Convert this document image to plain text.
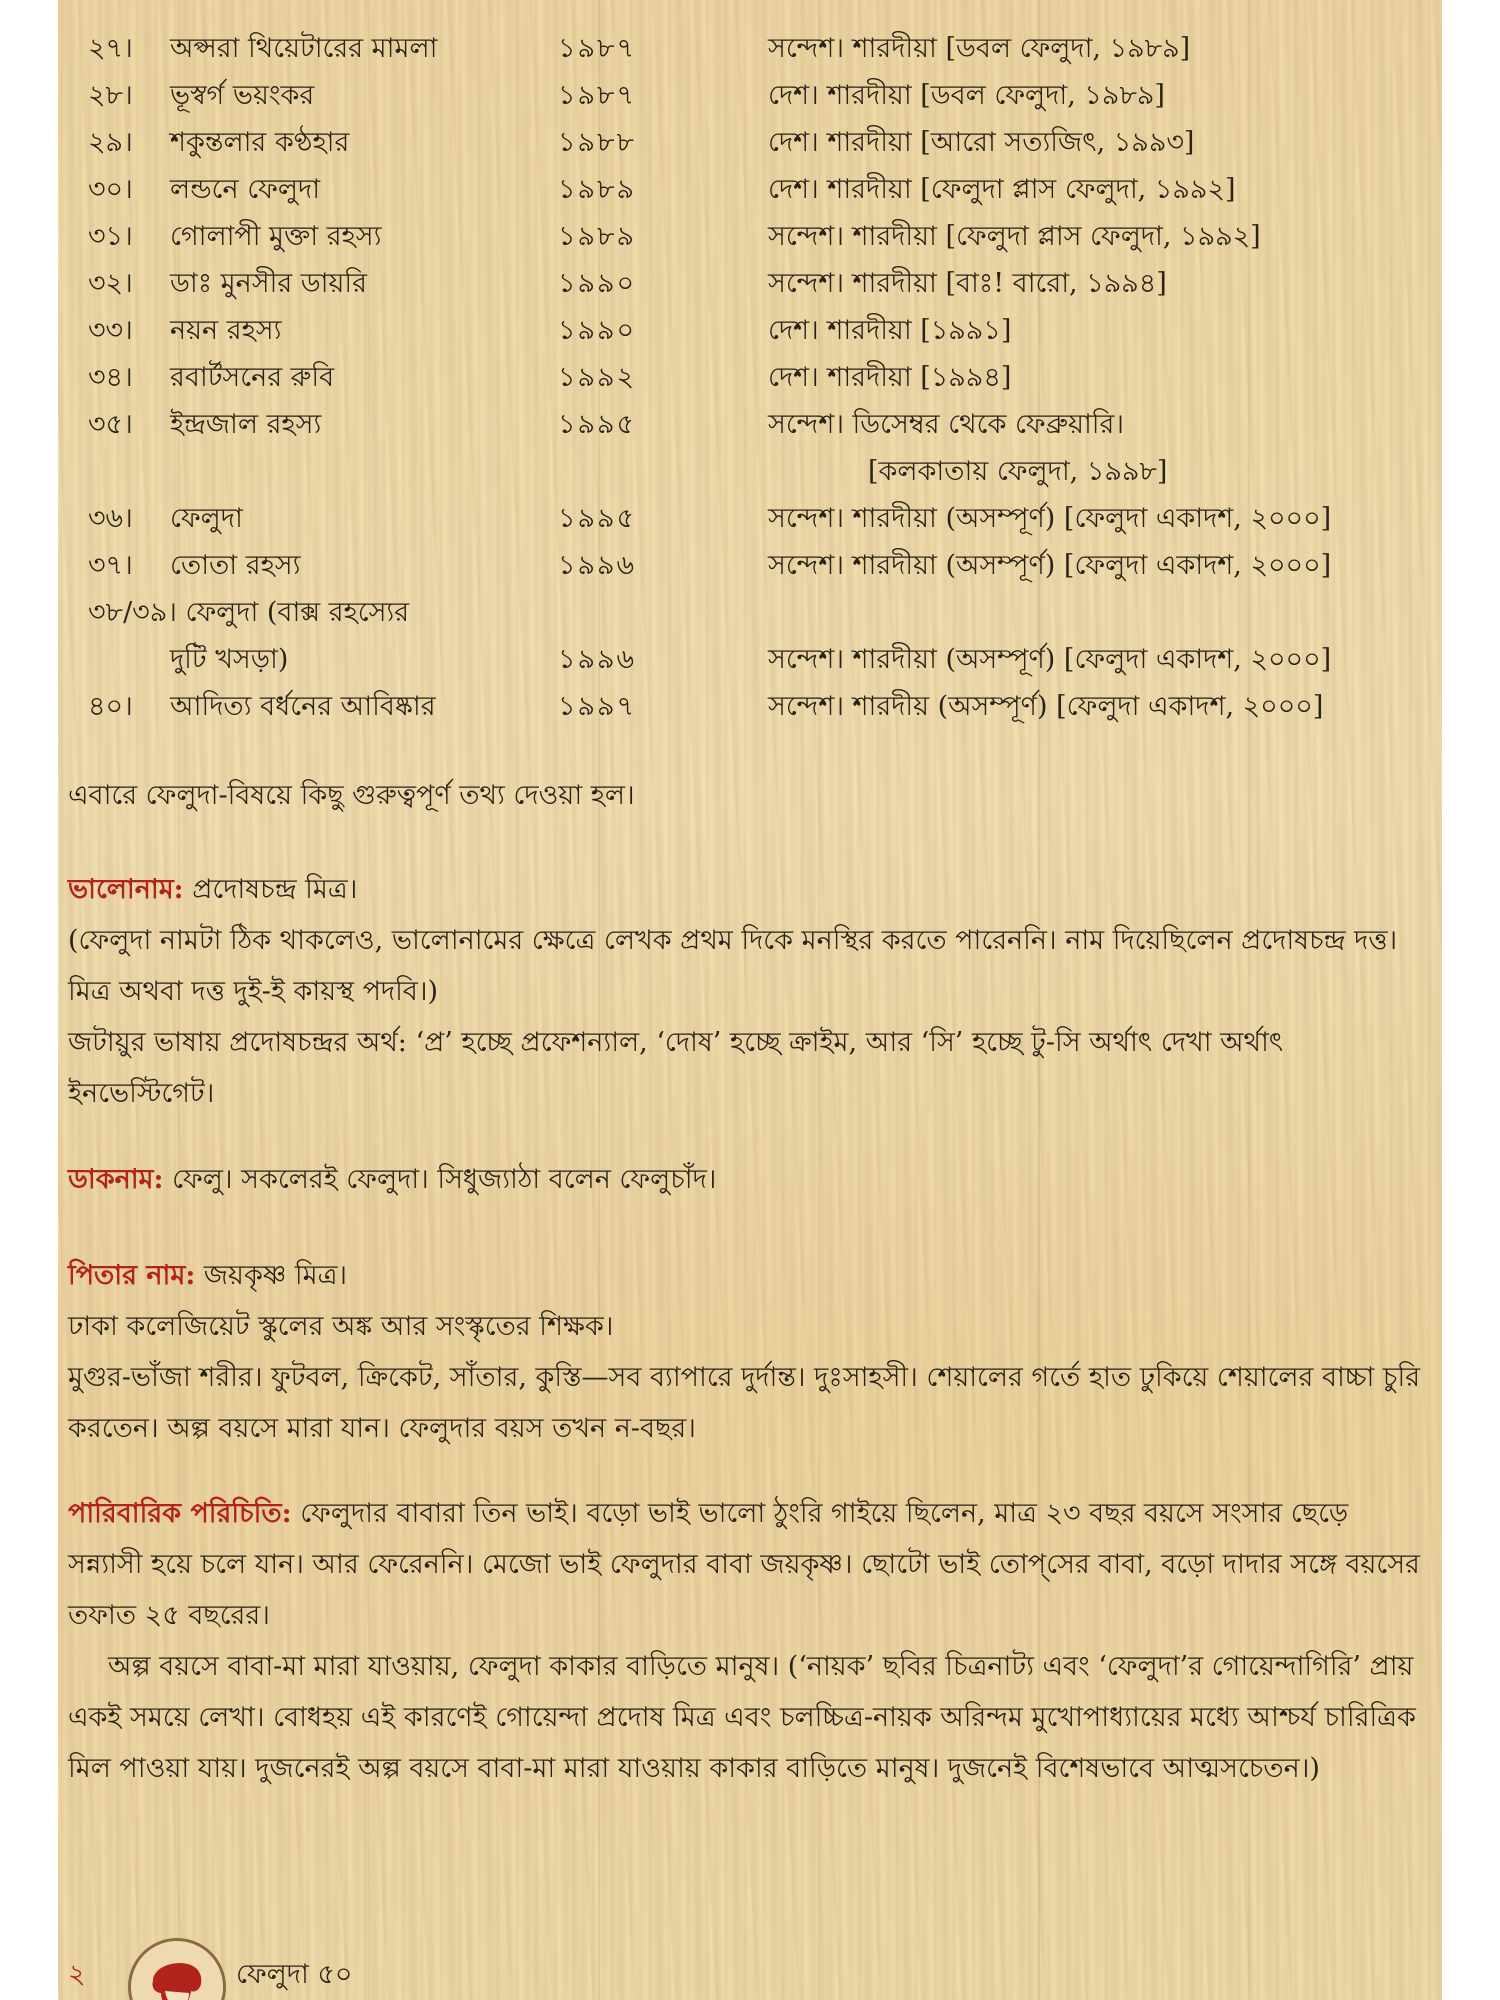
২৭।	অপ্সরা থিয়েটারের মামলা	১৯৮৭	সন্দেশ। শারদীয়া [ডবল ফেলুদা, ১৯৮৯]
২৮।	ভূস্বর্গ ভয়ংকর	১৯৮৭	দেশ। শারদীয়া [ডবল ফেলুদা, ১৯৮৯]
২৯।	শকুন্তলার কণ্ঠহার	১৯৮৮	দেশ। শারদীয়া [আরো সত্যজিৎ, ১৯৯৩]
৩০।	লন্ডনে ফেলুদা	১৯৮৯	দেশ। শারদীয়া [ফেলুদা প্লাস ফেলুদা, ১৯৯২]
৩১।	গোলাপী মুক্তা রহস্য	১৯৮৯	সন্দেশ। শারদীয়া [ফেলুদা প্লাস ফেলুদা, ১৯৯২]
৩২।	ডাঃ মুনসীর ডায়রি	১৯৯০	সন্দেশ। শারদীয়া [বাঃ! বারো, ১৯৯৪]
৩৩।	নয়ন রহস্য	১৯৯০	দেশ। শারদীয়া [১৯৯১]
৩৪।	রবার্টসনের রুবি	১৯৯২	দেশ। শারদীয়া [১৯৯৪]
৩৫।	ইন্দ্রজাল রহস্য	১৯৯৫	সন্দেশ। ডিসেম্বর থেকে ফেব্রুয়ারি।
[কলকাতায় ফেলুদা, ১৯৯৮]
৩৬।	ফেলুদা	১৯৯৫	সন্দেশ। শারদীয়া (অসম্পূর্ণ) [ফেলুদা একাদশ, ২০০০]
৩৭।	তোতা রহস্য	১৯৯৬	সন্দেশ। শারদীয়া (অসম্পূর্ণ) [ফেলুদা একাদশ, ২০০০]
৩৮/৩৯। ফেলুদা (বাক্স রহস্যের
দুটি খসড়া)	১৯৯৬	সন্দেশ। শারদীয়া (অসম্পূর্ণ) [ফেলুদা একাদশ, ২০০০]
৪০।	আদিত্য বর্ধনের আবিষ্কার	১৯৯৭	সন্দেশ। শারদীয় (অসম্পূর্ণ) [ফেলুদা একাদশ, ২০০০]
এবারে ফেলুদা-বিষয়ে কিছু গুরুত্বপূর্ণ তথ্য দেওয়া হল।
ভালোনাম: প্রদোষচন্দ্র মিত্র।
(ফেলুদা নামটা ঠিক থাকলেও, ভালোনামের ক্ষেত্রে লেখক প্রথম দিকে মনস্থির করতে পারেননি। নাম দিয়েছিলেন প্রদোষচন্দ্র দত্ত। মিত্র অথবা দত্ত দুই-ই কায়স্থ পদবি।)
জটায়ুর ভাষায় প্রদোষচন্দ্রর অর্থ: ‘প্র’ হচ্ছে প্রফেশন্যাল, ‘দোষ’ হচ্ছে ক্রাইম, আর ‘সি’ হচ্ছে টু-সি অর্থাৎ দেখা অর্থাৎ ইনভেস্টিগেট।
ডাকনাম: ফেলু। সকলেরই ফেলুদা। সিধুজ্যাঠা বলেন ফেলুচাঁদ।
পিতার নাম: জয়কৃষ্ণ মিত্র।
ঢাকা কলেজিয়েট স্কুলের অঙ্ক আর সংস্কৃতের শিক্ষক।
মুগুর-ভাঁজা শরীর। ফুটবল, ক্রিকেট, সাঁতার, কুস্তি—সব ব্যাপারে দুর্দান্ত। দুঃসাহসী। শেয়ালের গর্তে হাত ঢুকিয়ে শেয়ালের বাচ্চা চুরি করতেন। অল্প বয়সে মারা যান। ফেলুদার বয়স তখন ন-বছর।
পারিবারিক পরিচিতি: ফেলুদার বাবারা তিন ভাই। বড়ো ভাই ভালো ঠুংরি গাইয়ে ছিলেন, মাত্র ২৩ বছর বয়সে সংসার ছেড়ে সন্ন্যাসী হয়ে চলে যান। আর ফেরেননি। মেজো ভাই ফেলুদার বাবা জয়কৃষ্ণ। ছোটো ভাই তোপ্‌সের বাবা, বড়ো দাদার সঙ্গে বয়সের তফাত ২৫ বছরের।
অল্প বয়সে বাবা-মা মারা যাওয়ায়, ফেলুদা কাকার বাড়িতে মানুষ। (‘নায়ক’ ছবির চিত্রনাট্য এবং ‘ফেলুদা’র গোয়েন্দাগিরি’ প্রায় একই সময়ে লেখা। বোধহয় এই কারণেই গোয়েন্দা প্রদোষ মিত্র এবং চলচ্চিত্র-নায়ক অরিন্দম মুখোপাধ্যায়ের মধ্যে আশ্চর্য চারিত্রিক মিল পাওয়া যায়। দুজনেরই অল্প বয়সে বাবা-মা মারা যাওয়ায় কাকার বাড়িতে মানুষ। দুজনেই বিশেষভাবে আত্মসচেতন।)
২	ফেলুদা ৫০
